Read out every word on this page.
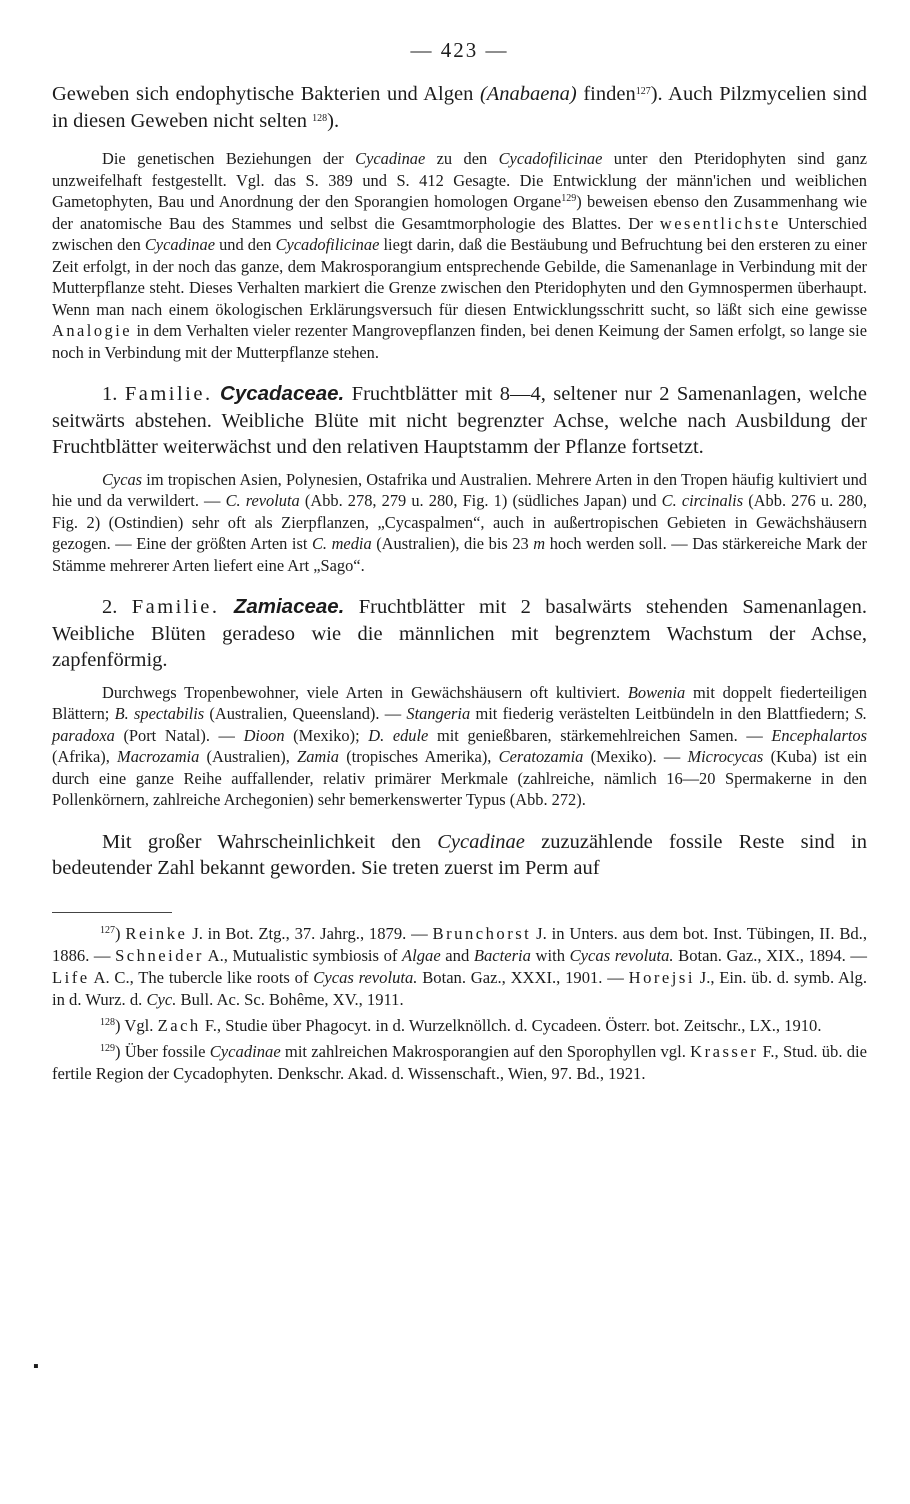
— 423 —

Geweben sich endophytische Bakterien und Algen (Anabaena) finden$^{127}$). Auch Pilzmycelien sind in diesen Geweben nicht selten $^{128}$).

Die genetischen Beziehungen der Cycadinae zu den Cycadofilicinae unter den Pteridophyten sind ganz unzweifelhaft festgestellt. Vgl. das S. 389 und S. 412 Gesagte. Die Entwicklung der männ'ichen und weiblichen Gametophyten, Bau und Anordnung der den Sporangien homologen Organe$^{129}$) beweisen ebenso den Zusammenhang wie der anatomische Bau des Stammes und selbst die Gesamtmorphologie des Blattes. Der wesentlichste Unterschied zwischen den Cycadinae und den Cycadofilicinae liegt darin, daß die Bestäubung und Befruchtung bei den ersteren zu einer Zeit erfolgt, in der noch das ganze, dem Makrosporangium entsprechende Gebilde, die Samenanlage in Verbindung mit der Mutterpflanze steht. Dieses Verhalten markiert die Grenze zwischen den Pteridophyten und den Gymnospermen überhaupt. Wenn man nach einem ökologischen Erklärungsversuch für diesen Entwicklungsschritt sucht, so läßt sich eine gewisse Analogie in dem Verhalten vieler rezenter Mangrovepflanzen finden, bei denen Keimung der Samen erfolgt, so lange sie noch in Verbindung mit der Mutterpflanze stehen.

1. Familie. Cycadaceae. Fruchtblätter mit 8—4, seltener nur 2 Samenanlagen, welche seitwärts abstehen. Weibliche Blüte mit nicht begrenzter Achse, welche nach Ausbildung der Fruchtblätter weiterwächst und den relativen Hauptstamm der Pflanze fortsetzt.

Cycas im tropischen Asien, Polynesien, Ostafrika und Australien. Mehrere Arten in den Tropen häufig kultiviert und hie und da verwildert. — C. revoluta (Abb. 278, 279 u. 280, Fig. 1) (südliches Japan) und C. circinalis (Abb. 276 u. 280, Fig. 2) (Ostindien) sehr oft als Zierpflanzen, „Cycaspalmen“, auch in außertropischen Gebieten in Gewächshäusern gezogen. — Eine der größten Arten ist C. media (Australien), die bis 23 m hoch werden soll. — Das stärkereiche Mark der Stämme mehrerer Arten liefert eine Art „Sago“.

2. Familie. Zamiaceae. Fruchtblätter mit 2 basalwärts stehenden Samenanlagen. Weibliche Blüten geradeso wie die männlichen mit begrenztem Wachstum der Achse, zapfenförmig.

Durchwegs Tropenbewohner, viele Arten in Gewächshäusern oft kultiviert. Bowenia mit doppelt fiederteiligen Blättern; B. spectabilis (Australien, Queensland). — Stangeria mit fiederig verästelten Leitbündeln in den Blattfiedern; S. paradoxa (Port Natal). — Dioon (Mexiko); D. edule mit genießbaren, stärkemehlreichen Samen. — Encephalartos (Afrika), Macrozamia (Australien), Zamia (tropisches Amerika), Ceratozamia (Mexiko). — Microcycas (Kuba) ist ein durch eine ganze Reihe auffallender, relativ primärer Merkmale (zahlreiche, nämlich 16—20 Spermakerne in den Pollenkörnern, zahlreiche Archegonien) sehr bemerkenswerter Typus (Abb. 272).

Mit großer Wahrscheinlichkeit den Cycadinae zuzuzählende fossile Reste sind in bedeutender Zahl bekannt geworden. Sie treten zuerst im Perm auf

$^{127}$) Reinke J. in Bot. Ztg., 37. Jahrg., 1879. — Brunchorst J. in Unters. aus dem bot. Inst. Tübingen, II. Bd., 1886. — Schneider A., Mutualistic symbiosis of Algae and Bacteria with Cycas revoluta. Botan. Gaz., XIX., 1894. — Life A. C., The tubercle like roots of Cycas revoluta. Botan. Gaz., XXXI., 1901. — Horejsi J., Ein. üb. d. symb. Alg. in d. Wurz. d. Cyc. Bull. Ac. Sc. Bohême, XV., 1911.

$^{128}$) Vgl. Zach F., Studie über Phagocyt. in d. Wurzelknöllch. d. Cycadeen. Österr. bot. Zeitschr., LX., 1910.

$^{129}$) Über fossile Cycadinae mit zahlreichen Makrosporangien auf den Sporophyllen vgl. Krasser F., Stud. üb. die fertile Region der Cycadophyten. Denkschr. Akad. d. Wissenschaft., Wien, 97. Bd., 1921.

▪
